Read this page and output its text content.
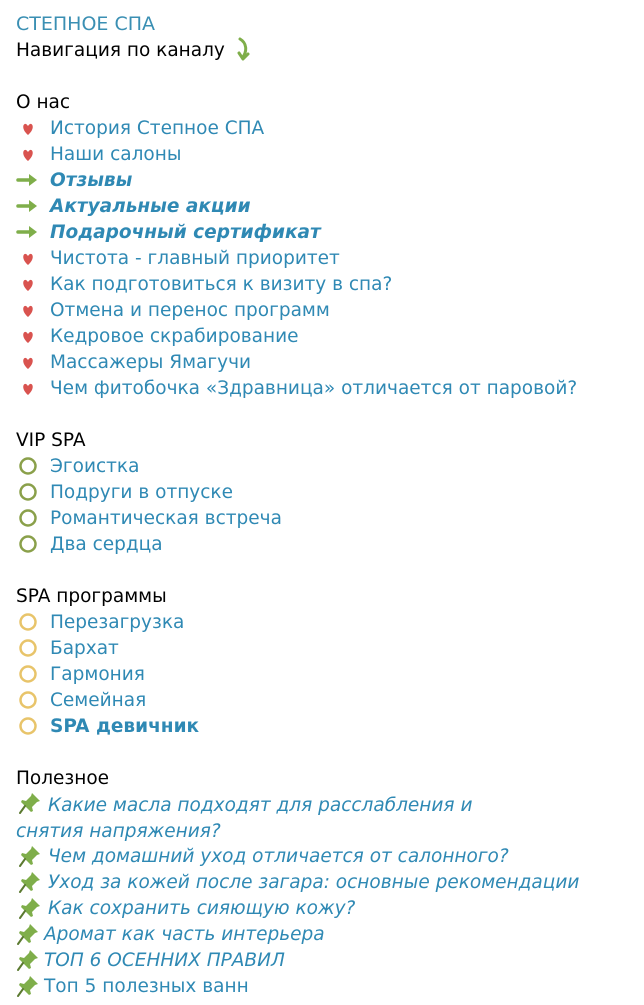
СТЕПНОЕ СПА
Навигация по каналу
О нас
История Степное СПА
Наши салоны
Отзывы
Актуальные акции
Подарочный сертификат
Чистота - главный приоритет
Как подготовиться к визиту в спа?
Отмена и перенос программ
Кедровое скрабирование
Массажеры Ямагучи
Чем фитобочка «Здравница» отличается от паровой?
VIP SPA
Эгоистка
Подруги в отпуске
Романтическая встреча
Два сердца
SPA программы
Перезагрузка
Бархат
Гармония
Семейная
SPA девичник
Полезное
Какие масла подходят для расслабления и снятия напряжения?
Чем домашний уход отличается от салонного?
Уход за кожей после загара: основные рекомендации
Как сохранить сияющую кожу?
Аромат как часть интерьера
ТОП 6 ОСЕННИХ ПРАВИЛ
Топ 5 полезных ванн
